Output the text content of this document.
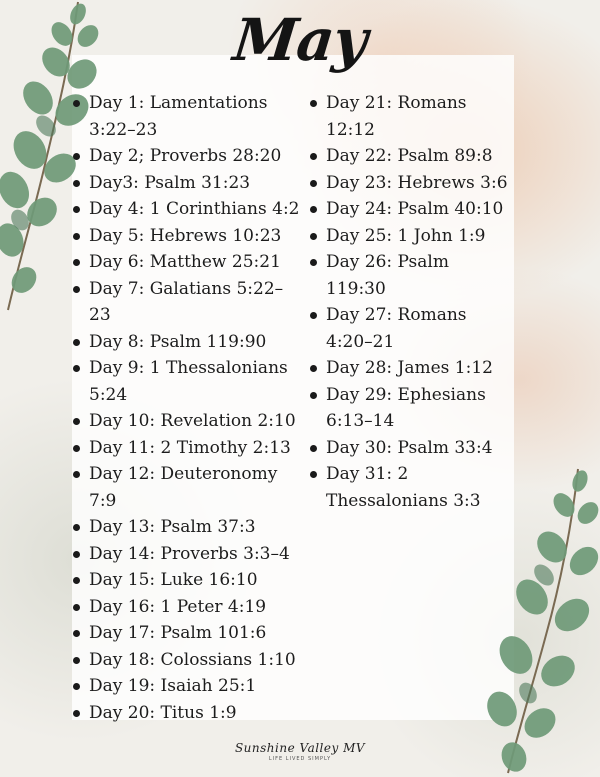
May
Day 1: Lamentations 3:22–23
Day 2; Proverbs 28:20
Day3: Psalm 31:23
Day 4: 1 Corinthians 4:2
Day 5: Hebrews 10:23
Day 6: Matthew 25:21
Day 7: Galatians 5:22–23
Day 8: Psalm 119:90
Day 9: 1 Thessalonians 5:24
Day 10: Revelation 2:10
Day 11: 2 Timothy 2:13
Day 12: Deuteronomy 7:9
Day 13: Psalm 37:3
Day 14: Proverbs 3:3–4
Day 15: Luke 16:10
Day 16: 1 Peter 4:19
Day 17: Psalm 101:6
Day 18: Colossians 1:10
Day 19: Isaiah 25:1
Day 20: Titus 1:9
Day 21: Romans 12:12
Day 22: Psalm 89:8
Day 23: Hebrews 3:6
Day 24: Psalm 40:10
Day 25: 1 John 1:9
Day 26: Psalm 119:30
Day 27: Romans 4:20–21
Day 28: James 1:12
Day 29: Ephesians 6:13–14
Day 30: Psalm 33:4
Day 31: 2 Thessalonians 3:3
Sunshine Valley MV
LIFE LIVED SIMPLY
